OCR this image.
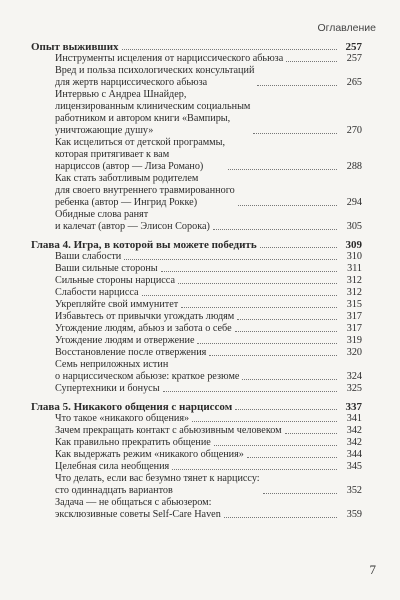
Оглавление
Опыт выживших	257
Инструменты исцеления от нарциссического абьюза	257
Вред и польза психологических консультаций
для жертв нарциссического абьюза	265
Интервью с Андреа Шнайдер,
лицензированным клиническим социальным
работником и автором книги «Вампиры,
уничтожающие душу»	270
Как исцелиться от детской программы,
которая притягивает к вам
нарциссов (автор — Лиза Романо)	288
Как стать заботливым родителем
для своего внутреннего травмированного
ребенка (автор — Ингрид Рокке)	294
Обидные слова ранят
и калечат (автор — Элисон Сорока)	305
Глава 4. Игра, в которой вы можете победить	309
Ваши слабости	310
Ваши сильные стороны	311
Сильные стороны нарцисса	312
Слабости нарцисса	312
Укрепляйте свой иммунитет	315
Избавьтесь от привычки угождать людям	317
Угождение людям, абьюз и забота о себе	317
Угождение людям и отвержение	319
Восстановление после отвержения	320
Семь неприложных истин
о нарциссическом абьюзе: краткое резюме	324
Супертехники и бонусы	325
Глава 5. Никакого общения с нарциссом	337
Что такое «никакого общения»	341
Зачем прекращать контакт с абьюзивным человеком	342
Как правильно прекратить общение	342
Как выдержать режим «никакого общения»	344
Целебная сила необщения	345
Что делать, если вас безумно тянет к нарциссу:
сто одиннадцать вариантов	352
Задача — не общаться с абьюзером:
эксклюзивные советы Self-Care Haven	359
7
